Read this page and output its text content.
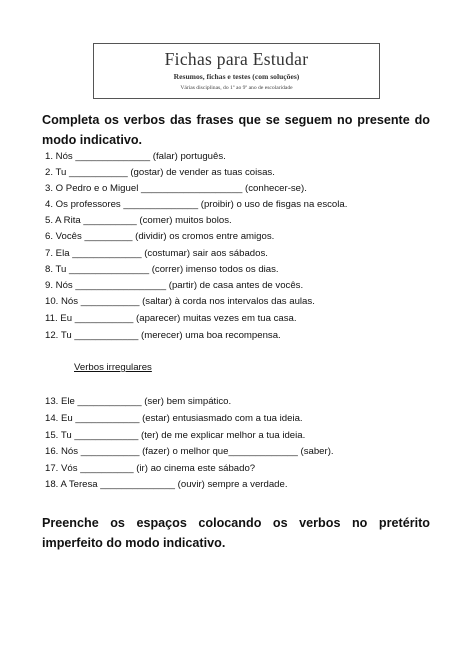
Fichas para Estudar
Resumos, fichas e testes (com soluções)
Várias disciplinas, do 1º ao 9º ano de escolaridade
Completa os verbos das frases que se seguem no presente do modo indicativo.
1. Nós ______________ (falar) português.
2. Tu ___________ (gostar) de vender as tuas coisas.
3. O Pedro e o Miguel ___________________ (conhecer-se).
4. Os professores ______________ (proibir) o uso de fisgas na escola.
5. A Rita __________ (comer) muitos bolos.
6. Vocês _________ (dividir) os cromos entre amigos.
7. Ela _____________ (costumar) sair aos sábados.
8. Tu _______________ (correr) imenso todos os dias.
9. Nós _________________ (partir) de casa antes de vocês.
10. Nós ___________ (saltar) à corda nos intervalos das aulas.
11. Eu ___________ (aparecer) muitas vezes em tua casa.
12. Tu ____________ (merecer) uma boa recompensa.
Verbos irregulares
13. Ele ____________ (ser) bem simpático.
14. Eu ____________ (estar) entusiasmado com a tua ideia.
15. Tu ____________ (ter) de me explicar melhor a tua ideia.
16. Nós ___________ (fazer) o melhor que_____________ (saber).
17. Vós __________ (ir) ao cinema este sábado?
18. A Teresa ______________ (ouvir) sempre a verdade.
Preenche os espaços colocando os verbos no pretérito imperfeito do modo indicativo.
